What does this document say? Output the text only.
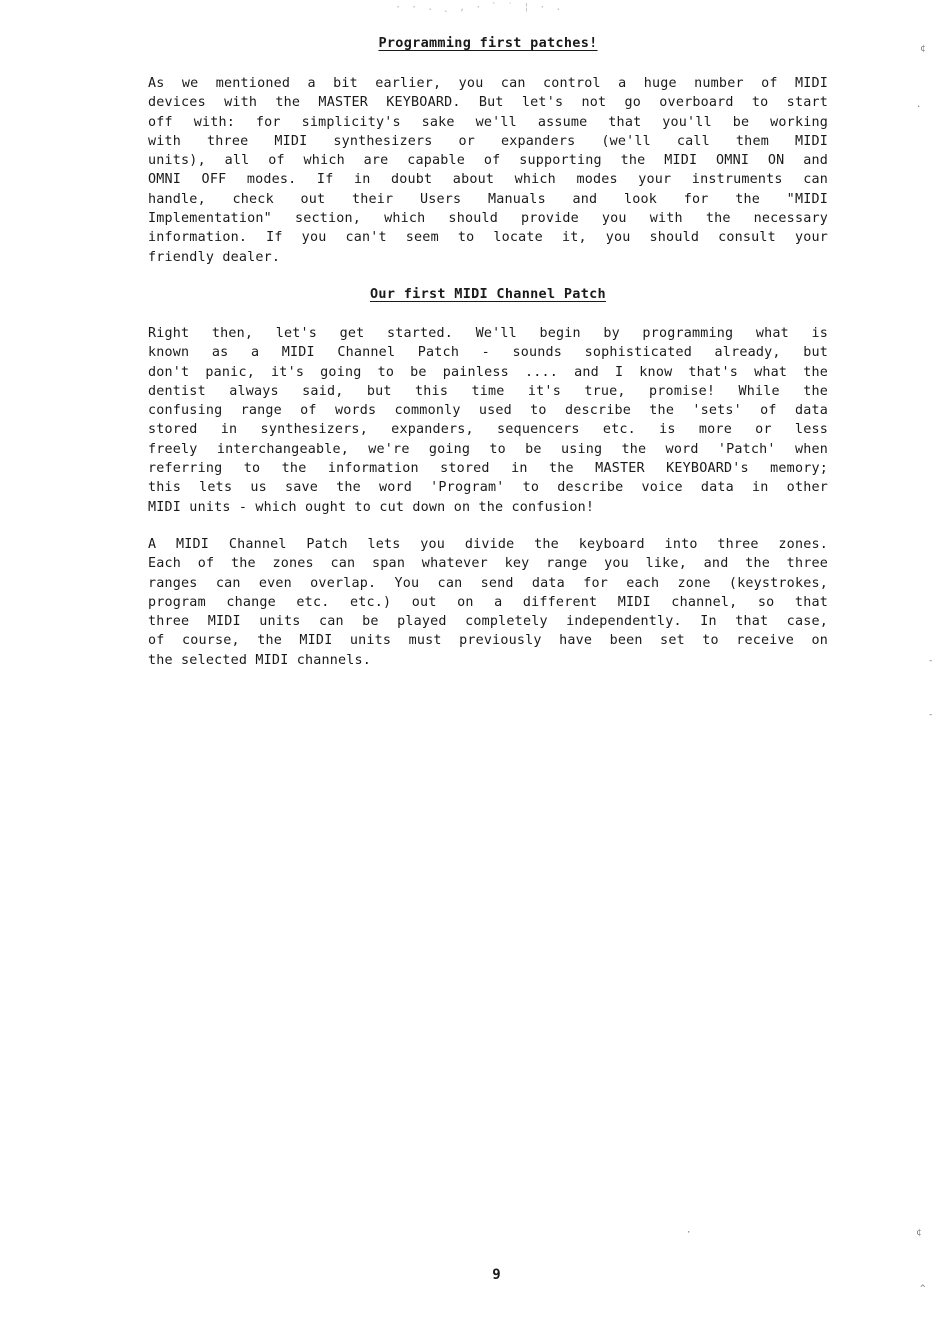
· · . ˛ ‚ · ` ˙ ¦ · .
Programming first patches!
As we mentioned a bit earlier, you can control a huge number of MIDI
devices with the MASTER KEYBOARD. But let's not go overboard to start
off with: for simplicity's sake we'll assume that you'll be working
with three MIDI synthesizers or expanders (we'll call them MIDI
units), all of which are capable of supporting the MIDI OMNI ON and
OMNI OFF modes. If in doubt about which modes your instruments can
handle, check out their Users Manuals and look for the "MIDI
Implementation" section, which should provide you with the necessary
information. If you can't seem to locate it, you should consult your
friendly dealer.
Our first MIDI Channel Patch
Right then, let's get started. We'll begin by programming what is
known as a MIDI Channel Patch - sounds sophisticated already, but
don't panic, it's going to be painless .... and I know that's what the
dentist always said, but this time it's true, promise! While the
confusing range of words commonly used to describe the 'sets' of data
stored in synthesizers, expanders, sequencers etc. is more or less
freely interchangeable, we're going to be using the word 'Patch' when
referring to the information stored in the MASTER KEYBOARD's memory;
this lets us save the word 'Program' to describe voice data in other
MIDI units - which ought to cut down on the confusion!
A MIDI Channel Patch lets you divide the keyboard into three zones.
Each of the zones can span whatever key range you like, and the three
ranges can even overlap. You can send data for each zone (keystrokes,
program change etc. etc.) out on a different MIDI channel, so that
three MIDI units can be played completely independently. In that case,
of course, the MIDI units must previously have been set to receive on
the selected MIDI channels.
9
¢
.
-
-
¢
^
·
